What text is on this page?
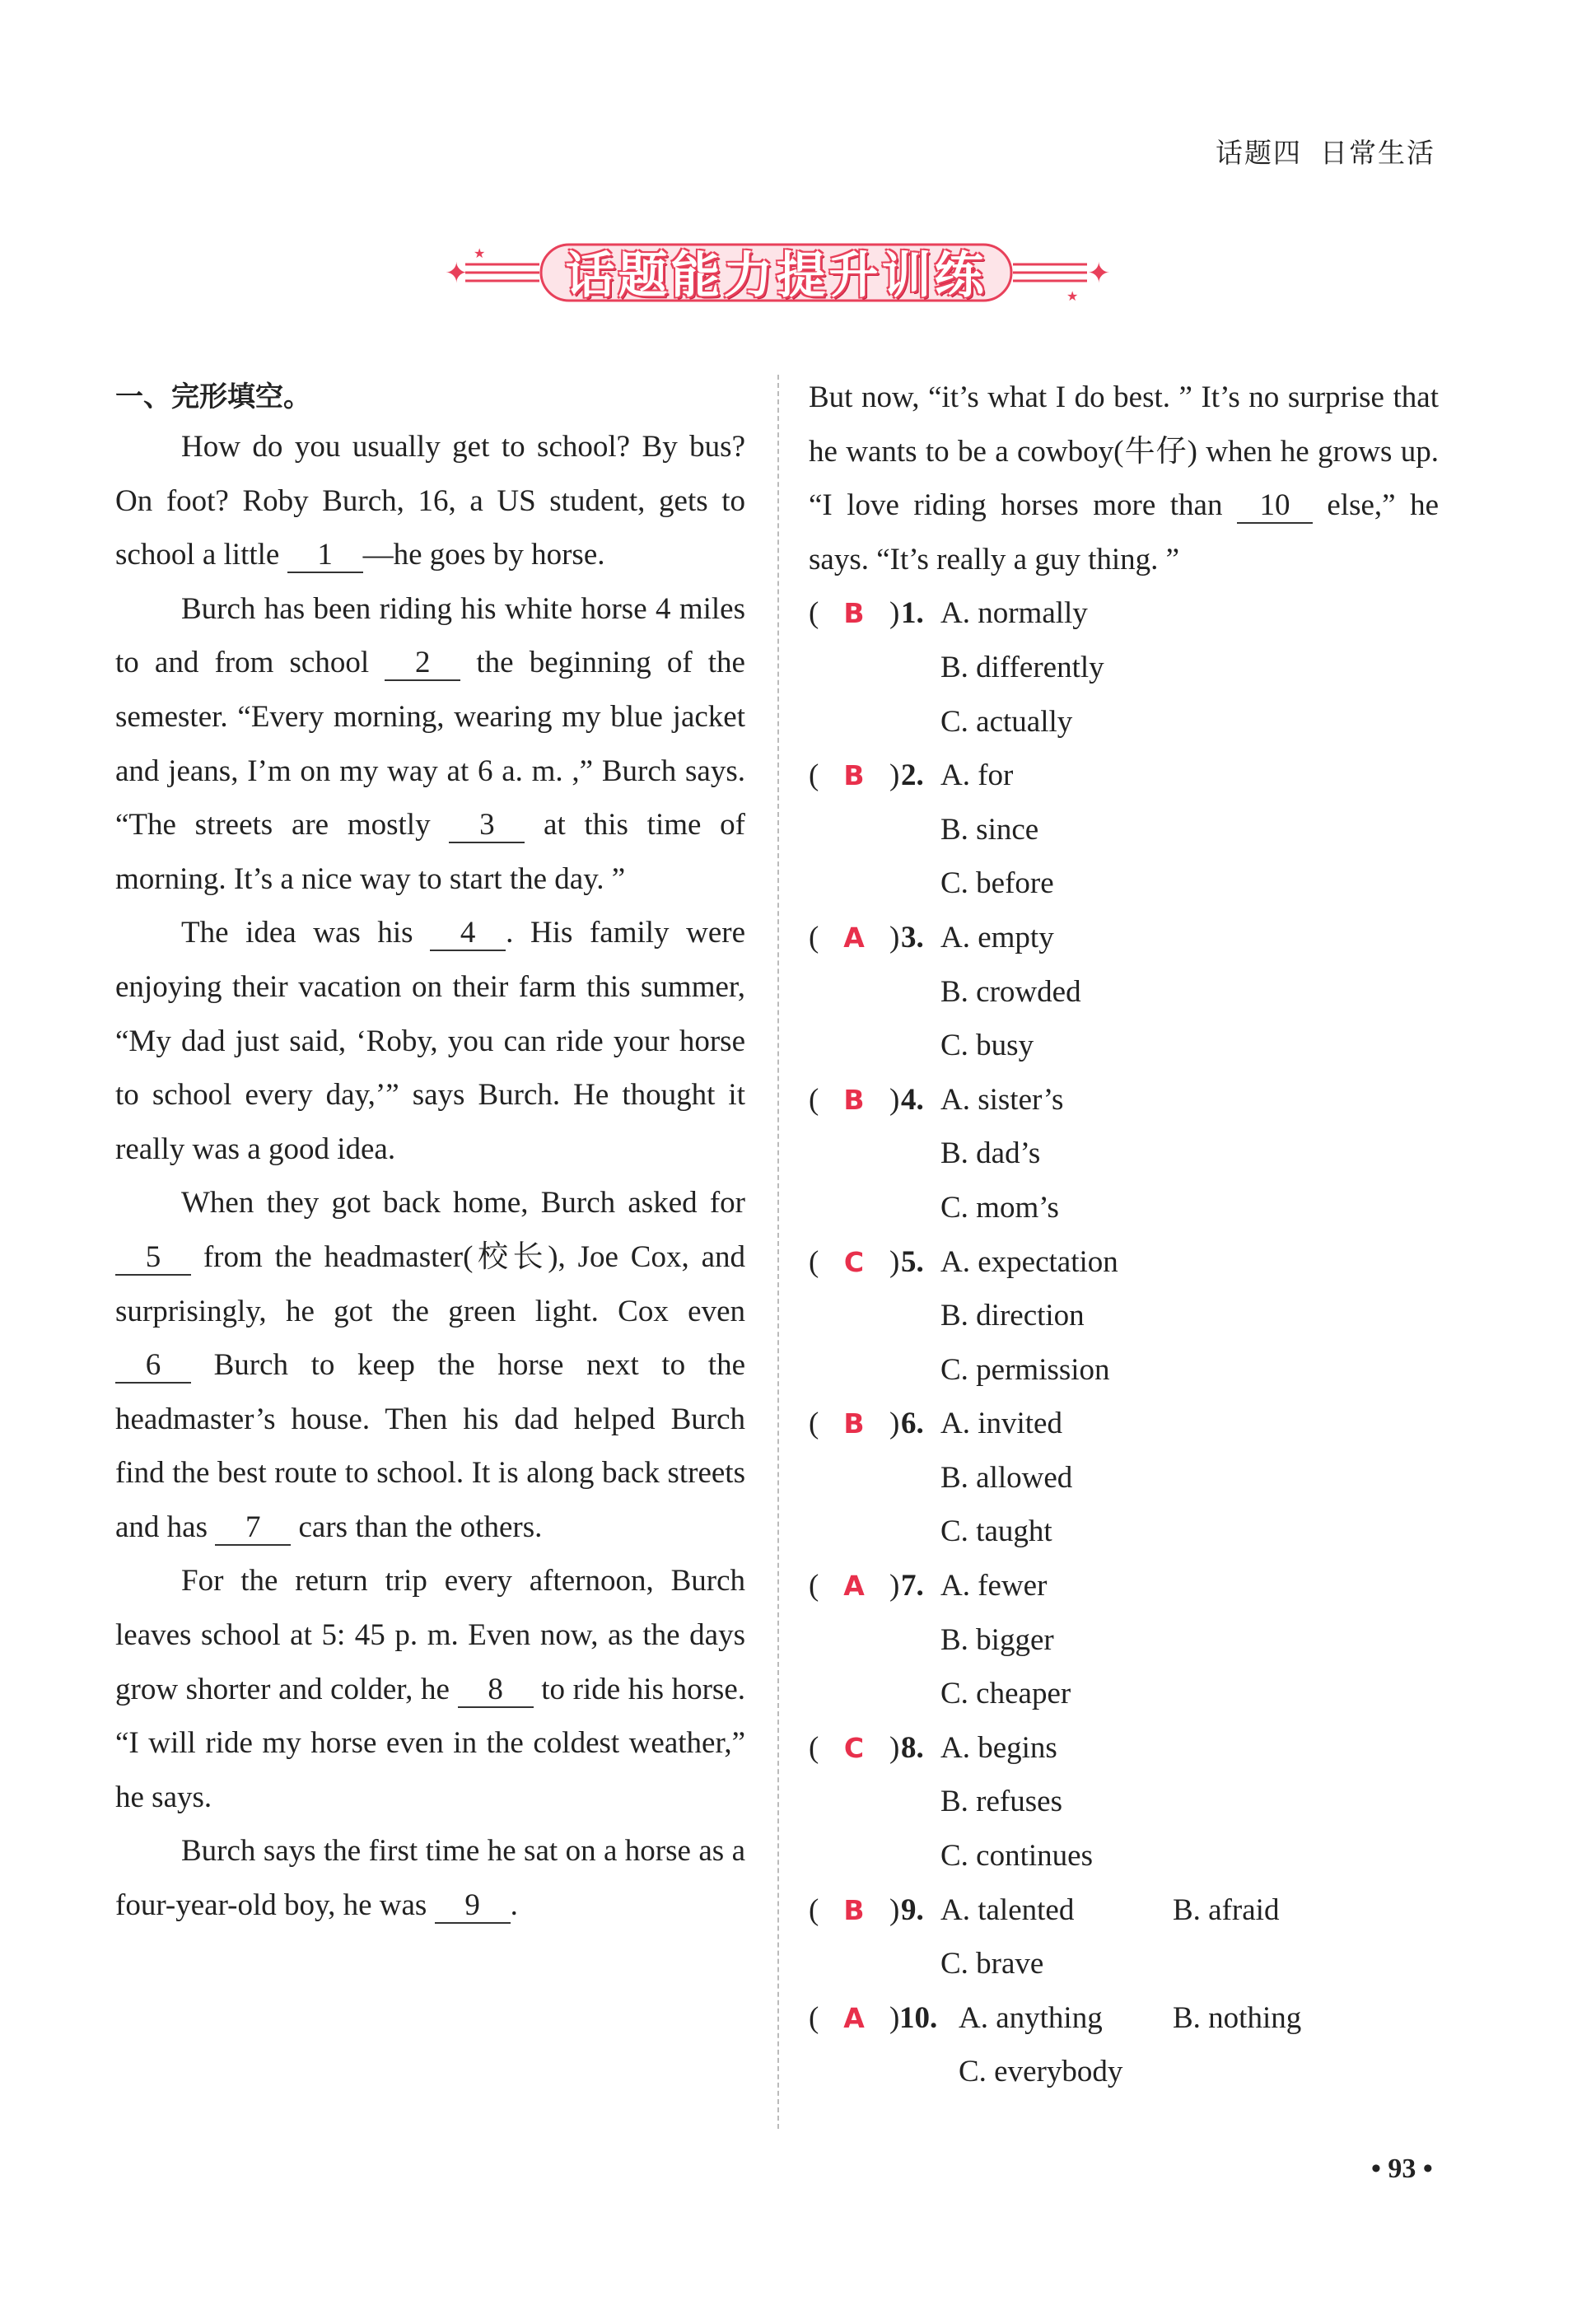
话题四 日常生活
✦	✦
★
★
话题能力提升训练
一、完形填空。

How do you usually get to school? By bus? On foot? Roby Burch, 16, a US student, gets to school a little 1 —he goes by horse.

Burch has been riding his white horse 4 miles to and from school 2 the beginning of the semester. “Every morning, wearing my blue jacket and jeans, I’m on my way at 6 a. m. ,” Burch says. “The streets are mostly 3 at this time of morning. It’s a nice way to start the day. ”

The idea was his 4 . His family were enjoying their vacation on their farm this summer, “My dad just said, ‘Roby, you can ride your horse to school every day,’” says Burch. He thought it really was a good idea.

When they got back home, Burch asked for 5 from the headmaster(校长), Joe Cox, and surprisingly, he got the green light. Cox even 6 Burch to keep the horse next to the headmaster’s house. Then his dad helped Burch find the best route to school. It is along back streets and has 7 cars than the others.

For the return trip every afternoon, Burch leaves school at 5: 45 p. m. Even now, as the days grow shorter and colder, he 8 to ride his horse. “I will ride my horse even in the coldest weather,” he says.

Burch says the first time he sat on a horse as a four-year-old boy, he was 9 .

But now, “it’s what I do best. ” It’s no surprise that he wants to be a cowboy(牛仔) when he grows up. “I love riding horses more than 10 else,” he says. “It’s really a guy thing. ”

( B ) 1. A. normally
B. differently
C. actually
( B ) 2. A. for
B. since
C. before
( A ) 3. A. empty
B. crowded
C. busy
( B ) 4. A. sister’s
B. dad’s
C. mom’s
( C ) 5. A. expectation
B. direction
C. permission
( B ) 6. A. invited
B. allowed
C. taught
( A ) 7. A. fewer
B. bigger
C. cheaper
( C ) 8. A. begins
B. refuses
C. continues
( B ) 9. A. talented	B. afraid
C. brave
( A ) 10. A. anything B. nothing
C. everybody
• 93 •
